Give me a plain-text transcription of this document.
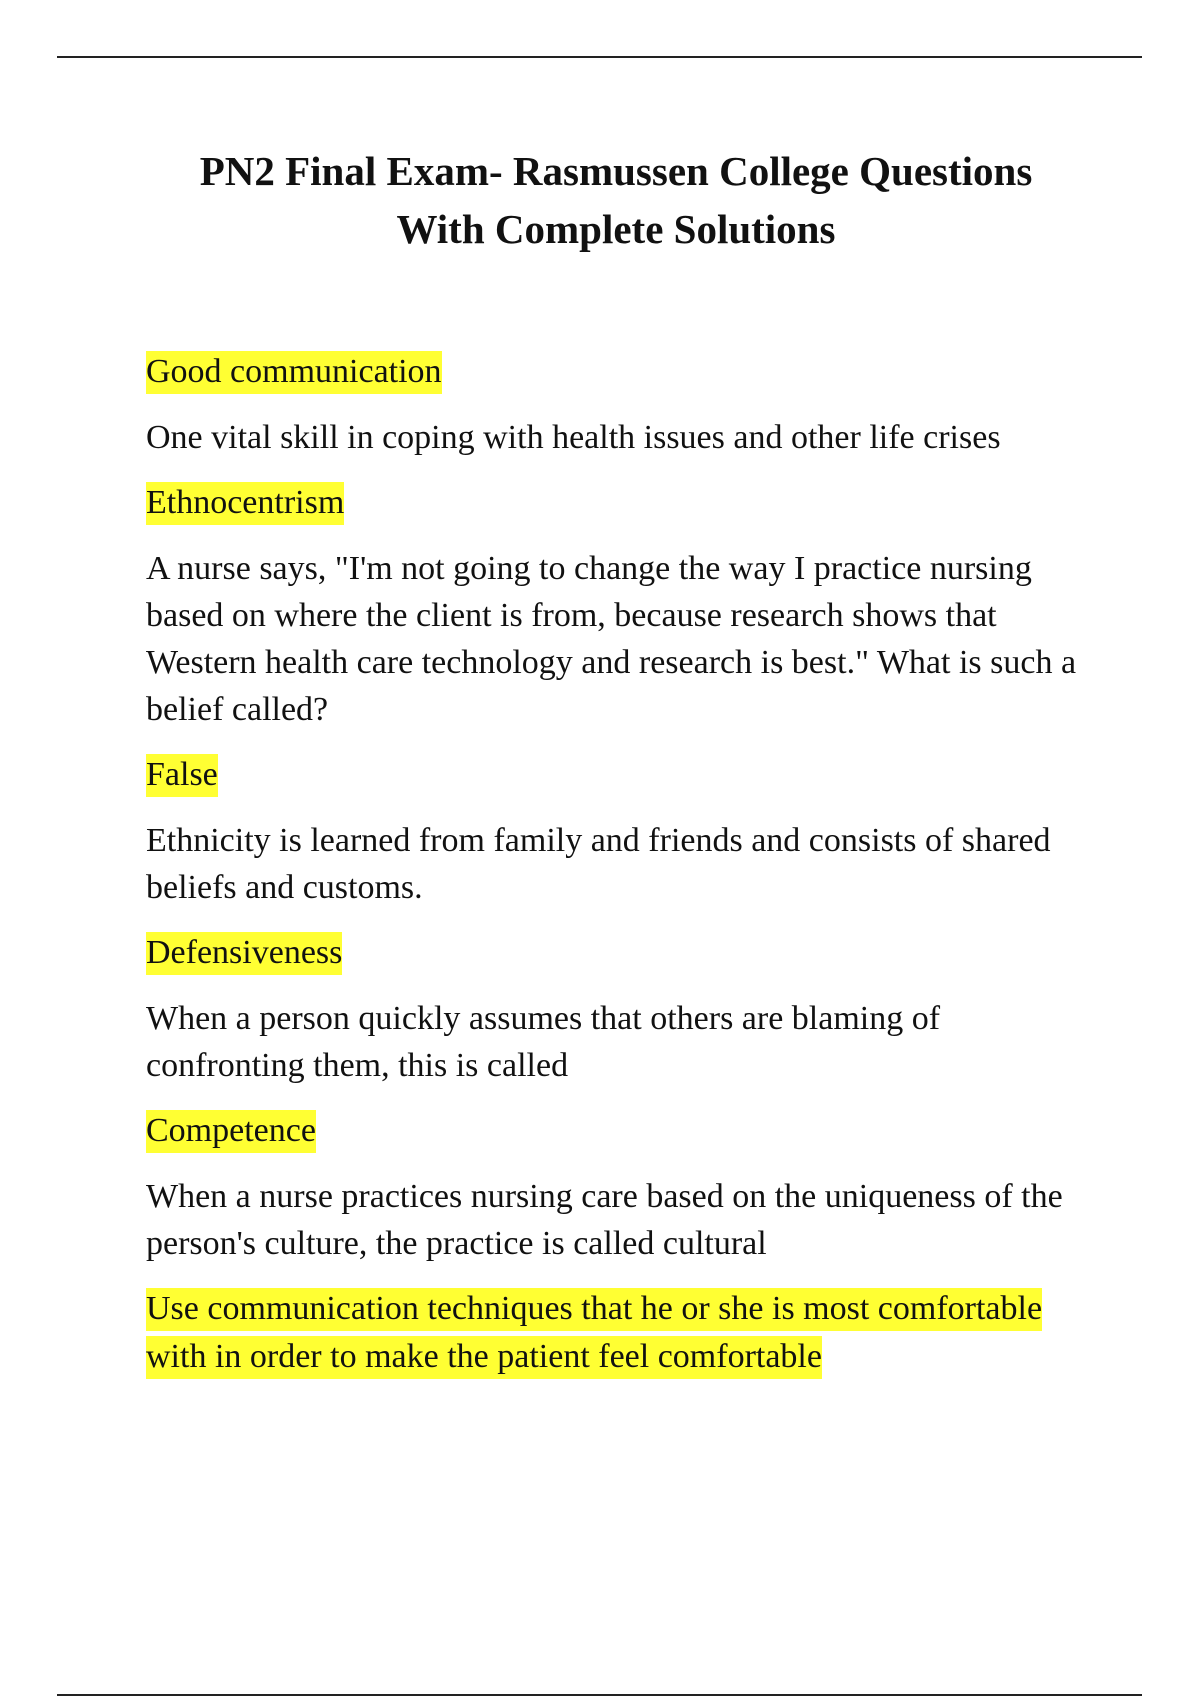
PN2 Final Exam- Rasmussen College Questions
With Complete Solutions
Good communication

One vital skill in coping with health issues and other life crises

Ethnocentrism

A nurse says, "I'm not going to change the way I practice nursing based on where the client is from, because research shows that Western health care technology and research is best." What is such a belief called?

False

Ethnicity is learned from family and friends and consists of shared beliefs and customs.

Defensiveness

When a person quickly assumes that others are blaming of confronting them, this is called

Competence

When a nurse practices nursing care based on the uniqueness of the person's culture, the practice is called cultural

Use communication techniques that he or she is most comfortable with in order to make the patient feel comfortable
